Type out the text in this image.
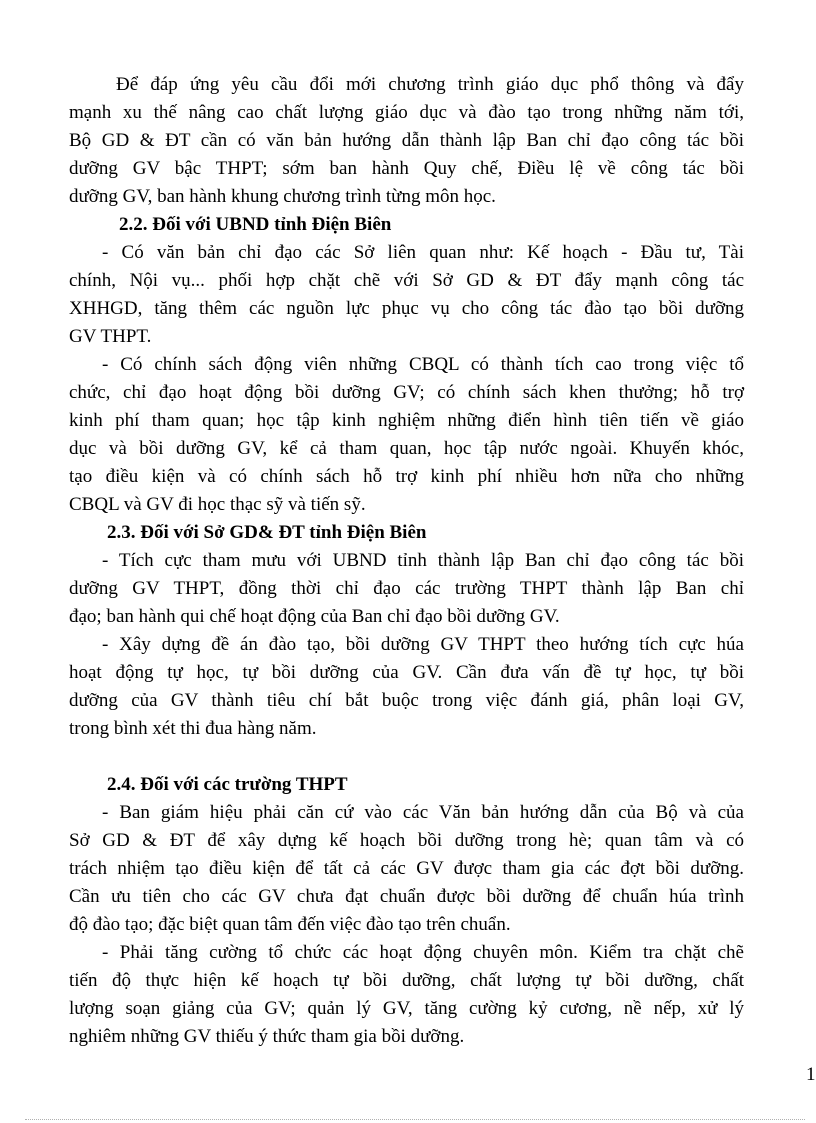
Để đáp ứng yêu cầu đổi mới chương trình giáo dục phổ thông và đẩy
mạnh xu thế nâng cao chất lượng giáo dục và đào tạo trong những năm tới,
Bộ GD & ĐT cần có văn bản hướng dẫn thành lập Ban chỉ đạo công tác bồi
dưỡng GV bậc THPT; sớm ban hành Quy chế, Điều lệ về công tác bồi
dưỡng GV, ban hành khung chương trình từng môn học.
2.2. Đối với UBND tỉnh Điện Biên
- Có văn bản chỉ đạo các Sở liên quan như: Kế hoạch - Đầu tư, Tài
chính, Nội vụ... phối hợp chặt chẽ với Sở GD & ĐT đẩy mạnh công tác
XHHGD, tăng thêm các nguồn lực phục vụ cho công tác đào tạo bồi dưỡng
GV THPT.
- Có chính sách động viên những CBQL có thành tích cao trong việc tổ
chức, chỉ đạo hoạt động bồi dưỡng GV; có chính sách khen thưởng; hỗ trợ
kinh phí tham quan; học tập kinh nghiệm những điển hình tiên tiến về giáo
dục và bồi dưỡng GV, kể cả tham quan, học tập nước ngoài. Khuyến khóc,
tạo điều kiện và có chính sách hỗ trợ kinh phí nhiều hơn nữa cho những
CBQL và GV đi học thạc sỹ và tiến sỹ.
2.3. Đối với Sở GD& ĐT tỉnh Điện Biên
- Tích cực tham mưu với UBND tỉnh thành lập Ban chỉ đạo công tác bồi
dưỡng GV THPT, đồng thời chỉ đạo các trường THPT thành lập Ban chỉ
đạo; ban hành qui chế hoạt động của Ban chỉ đạo bồi dưỡng GV.
- Xây dựng đề án đào tạo, bồi dưỡng GV THPT theo hướng tích cực húa
hoạt động tự học, tự bồi dưỡng của GV. Cần đưa vấn đề tự học, tự bồi
dưỡng của GV thành tiêu chí bắt buộc trong việc đánh giá, phân loại GV,
trong bình xét thi đua hàng năm.
2.4. Đối với các trường THPT
- Ban giám hiệu phải căn cứ vào các Văn bản hướng dẫn của Bộ và của
Sở GD & ĐT để xây dựng kế hoạch bồi dưỡng trong hè; quan tâm và có
trách nhiệm tạo điều kiện để tất cả các GV được tham gia các đợt bồi dưỡng.
Cần ưu tiên cho các GV chưa đạt chuẩn được bồi dưỡng để chuẩn húa trình
độ đào tạo; đặc biệt quan tâm đến việc đào tạo trên chuẩn.
- Phải tăng cường tổ chức các hoạt động chuyên môn. Kiểm tra chặt chẽ
tiến độ thực hiện kế hoạch tự bồi dưỡng, chất lượng tự bồi dưỡng, chất
lượng soạn giảng của GV; quản lý GV, tăng cường kỷ cương, nề nếp, xử lý
nghiêm những GV thiếu ý thức tham gia bồi dưỡng.
1
